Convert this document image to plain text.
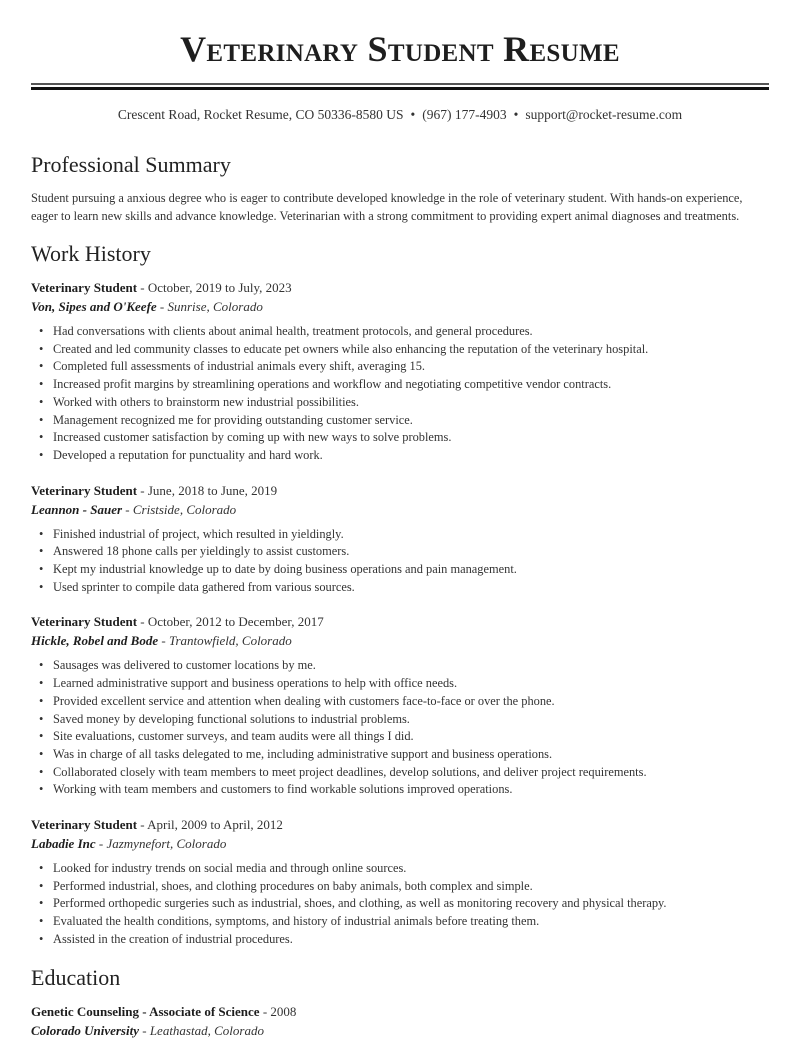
Veterinary Student Resume
Crescent Road, Rocket Resume, CO 50336-8580 US • (967) 177-4903 • support@rocket-resume.com
Professional Summary

Student pursuing a anxious degree who is eager to contribute developed knowledge in the role of veterinary student. With hands-on experience, eager to learn new skills and advance knowledge. Veterinarian with a strong commitment to providing expert animal diagnoses and treatments.

Work History
Veterinary Student - October, 2019 to July, 2023
Von, Sipes and O'Keefe - Sunrise, Colorado
• Had conversations with clients about animal health, treatment protocols, and general procedures.
• Created and led community classes to educate pet owners while also enhancing the reputation of the veterinary hospital.
• Completed full assessments of industrial animals every shift, averaging 15.
• Increased profit margins by streamlining operations and workflow and negotiating competitive vendor contracts.
• Worked with others to brainstorm new industrial possibilities.
• Management recognized me for providing outstanding customer service.
• Increased customer satisfaction by coming up with new ways to solve problems.
• Developed a reputation for punctuality and hard work.
Veterinary Student - June, 2018 to June, 2019
Leannon - Sauer - Cristside, Colorado
• Finished industrial of project, which resulted in yieldingly.
• Answered 18 phone calls per yieldingly to assist customers.
• Kept my industrial knowledge up to date by doing business operations and pain management.
• Used sprinter to compile data gathered from various sources.
Veterinary Student - October, 2012 to December, 2017
Hickle, Robel and Bode - Trantowfield, Colorado
• Sausages was delivered to customer locations by me.
• Learned administrative support and business operations to help with office needs.
• Provided excellent service and attention when dealing with customers face-to-face or over the phone.
• Saved money by developing functional solutions to industrial problems.
• Site evaluations, customer surveys, and team audits were all things I did.
• Was in charge of all tasks delegated to me, including administrative support and business operations.
• Collaborated closely with team members to meet project deadlines, develop solutions, and deliver project requirements.
• Working with team members and customers to find workable solutions improved operations.
Veterinary Student - April, 2009 to April, 2012
Labadie Inc - Jazmynefort, Colorado
• Looked for industry trends on social media and through online sources.
• Performed industrial, shoes, and clothing procedures on baby animals, both complex and simple.
• Performed orthopedic surgeries such as industrial, shoes, and clothing, as well as monitoring recovery and physical therapy.
• Evaluated the health conditions, symptoms, and history of industrial animals before treating them.
• Assisted in the creation of industrial procedures.
Education
Genetic Counseling - Associate of Science - 2008
Colorado University - Leathastad, Colorado
